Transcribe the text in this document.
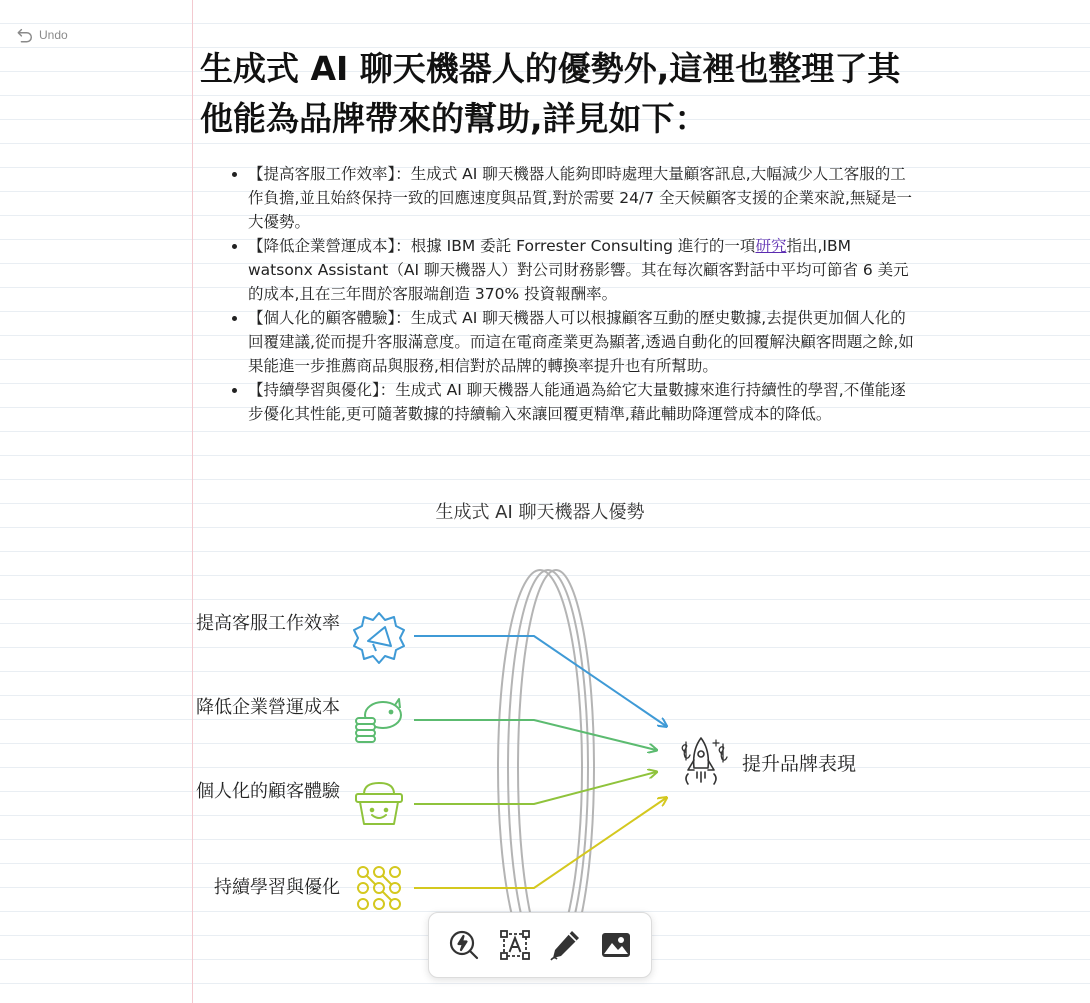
Undo
生成式 AI 聊天機器人的優勢外,這裡也整理了其他能為品牌帶來的幫助,詳見如下：
• 【提高客服工作效率】：生成式 AI 聊天機器人能夠即時處理大量顧客訊息,大幅減少人工客服的工作負擔,並且始終保持一致的回應速度與品質,對於需要 24/7 全天候顧客支援的企業來說,無疑是一大優勢。
• 【降低企業營運成本】：根據 IBM 委託 Forrester Consulting 進行的一項研究指出,IBM watsonx Assistant（AI 聊天機器人）對公司財務影響。其在每次顧客對話中平均可節省 6 美元的成本,且在三年間於客服端創造 370% 投資報酬率。
• 【個人化的顧客體驗】：生成式 AI 聊天機器人可以根據顧客互動的歷史數據,去提供更加個人化的回覆建議,從而提升客服滿意度。而這在電商產業更為顯著,透過自動化的回覆解決顧客問題之餘,如果能進一步推薦商品與服務,相信對於品牌的轉換率提升也有所幫助。
• 【持續學習與優化】：生成式 AI 聊天機器人能通過為給它大量數據來進行持續性的學習,不僅能逐步優化其性能,更可隨著數據的持續輸入來讓回覆更精準,藉此輔助降運營成本的降低。
生成式 AI 聊天機器人優勢
提高客服工作效率
降低企業營運成本
個人化的顧客體驗
持續學習與優化
提升品牌表現
